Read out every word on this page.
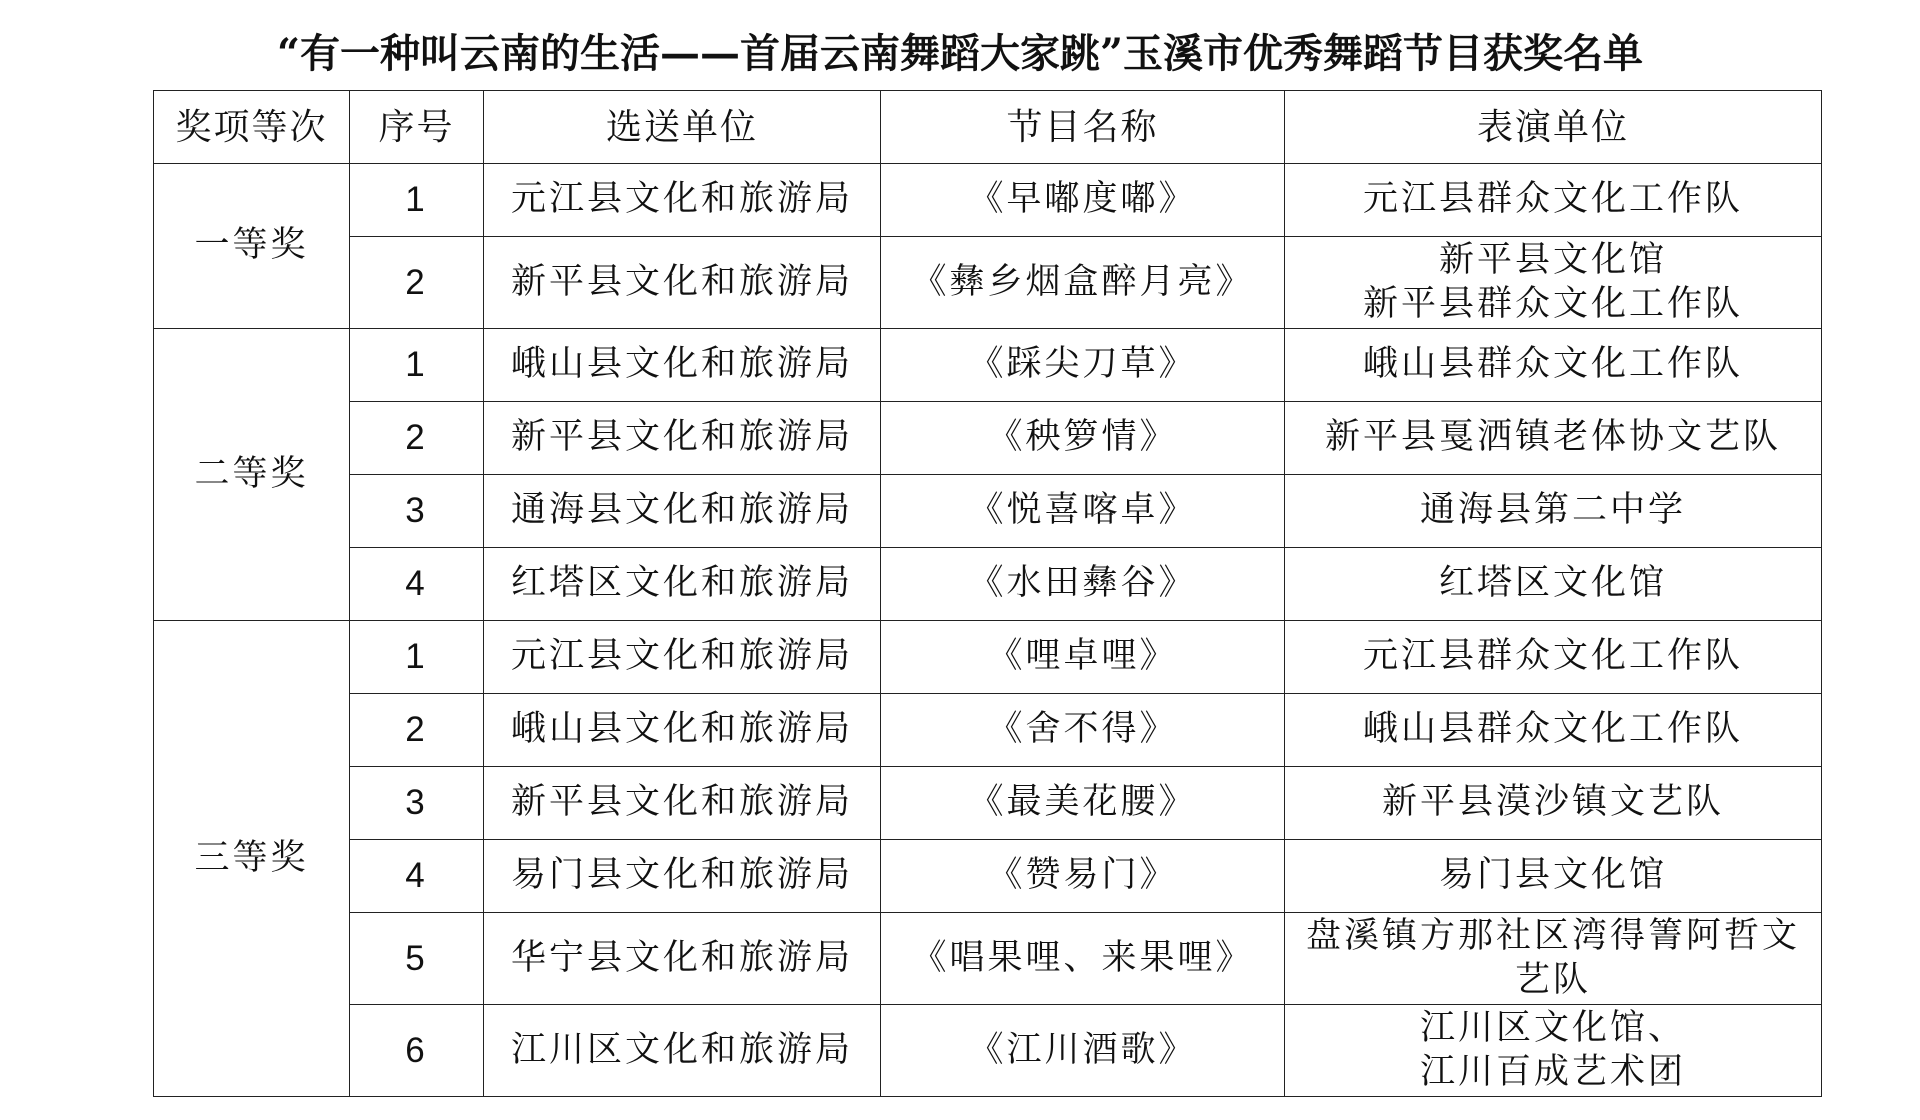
“有一种叫云南的生活——首届云南舞蹈大家跳”玉溪市优秀舞蹈节目获奖名单
奖项等次	序号	选送单位	节目名称	表演单位
一等奖	1	元江县文化和旅游局	《早嘟度嘟》	元江县群众文化工作队

	2	新平县文化和旅游局	《彝乡烟盒醉月亮》	新平县文化馆
新平县群众文化工作队

二等奖	1	峨山县文化和旅游局	《踩尖刀草》	峨山县群众文化工作队

	2	新平县文化和旅游局	《秧箩情》	新平县戛洒镇老体协文艺队

	3	通海县文化和旅游局	《悦喜喀卓》	通海县第二中学

	4	红塔区文化和旅游局	《水田彝谷》	红塔区文化馆

三等奖	1	元江县文化和旅游局	《哩卓哩》	元江县群众文化工作队

	2	峨山县文化和旅游局	《舍不得》	峨山县群众文化工作队

	3	新平县文化和旅游局	《最美花腰》	新平县漠沙镇文艺队

	4	易门县文化和旅游局	《赞易门》	易门县文化馆

	5	华宁县文化和旅游局	《唱果哩、来果哩》	盘溪镇方那社区湾得箐阿哲文
艺队

	6	江川区文化和旅游局	《江川酒歌》	江川区文化馆、
江川百成艺术团
